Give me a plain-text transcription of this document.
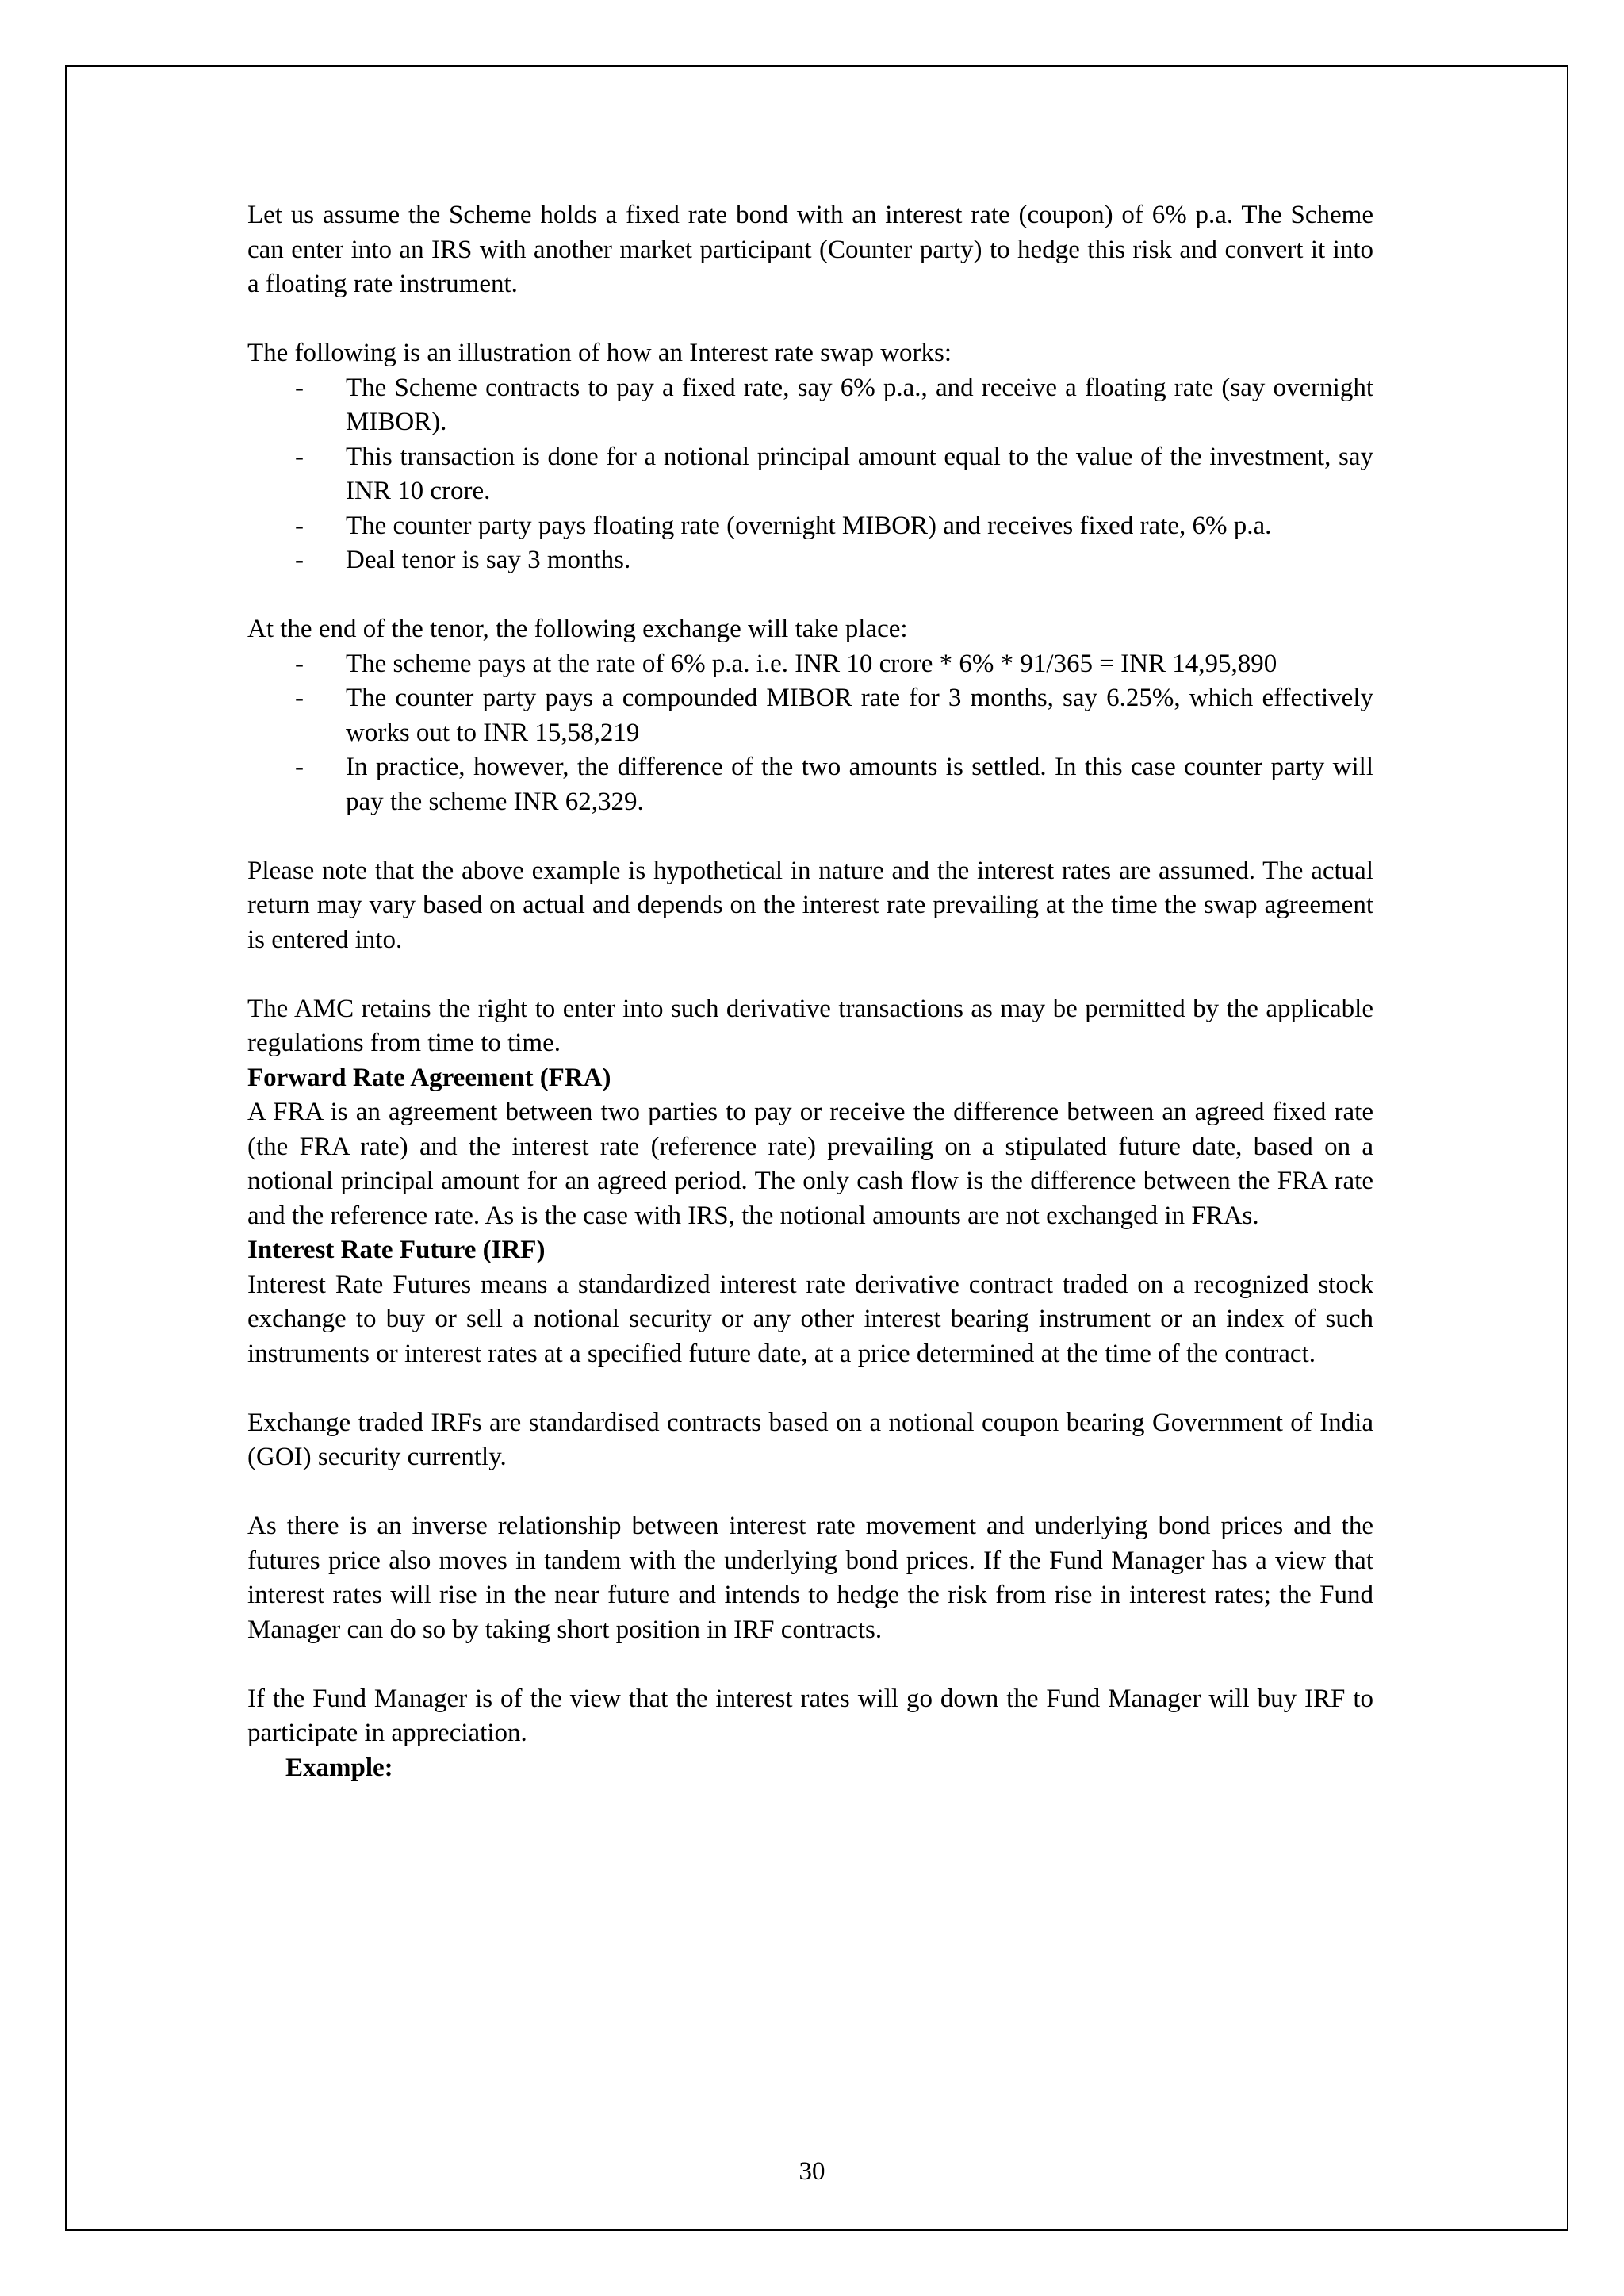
Let us assume the Scheme holds a fixed rate bond with an interest rate (coupon) of 6% p.a. The Scheme can enter into an IRS with another market participant (Counter party) to hedge this risk and convert it into a floating rate instrument.

The following is an illustration of how an Interest rate swap works:

- The Scheme contracts to pay a fixed rate, say 6% p.a., and receive a floating rate (say overnight MIBOR).
- This transaction is done for a notional principal amount equal to the value of the investment, say INR 10 crore.
- The counter party pays floating rate (overnight MIBOR) and receives fixed rate, 6% p.a.
- Deal tenor is say 3 months.

At the end of the tenor, the following exchange will take place:

- The scheme pays at the rate of 6% p.a. i.e. INR 10 crore * 6% * 91/365 = INR 14,95,890
- The counter party pays a compounded MIBOR rate for 3 months, say 6.25%, which effectively works out to INR 15,58,219
- In practice, however, the difference of the two amounts is settled. In this case counter party will pay the scheme INR 62,329.

Please note that the above example is hypothetical in nature and the interest rates are assumed. The actual return may vary based on actual and depends on the interest rate prevailing at the time the swap agreement is entered into.

The AMC retains the right to enter into such derivative transactions as may be permitted by the applicable regulations from time to time.

Forward Rate Agreement (FRA)

A FRA is an agreement between two parties to pay or receive the difference between an agreed fixed rate (the FRA rate) and the interest rate (reference rate) prevailing on a stipulated future date, based on a notional principal amount for an agreed period. The only cash flow is the difference between the FRA rate and the reference rate. As is the case with IRS, the notional amounts are not exchanged in FRAs.

Interest Rate Future (IRF)

Interest Rate Futures means a standardized interest rate derivative contract traded on a recognized stock exchange to buy or sell a notional security or any other interest bearing instrument or an index of such instruments or interest rates at a specified future date, at a price determined at the time of the contract.

Exchange traded IRFs are standardised contracts based on a notional coupon bearing Government of India (GOI) security currently.

As there is an inverse relationship between interest rate movement and underlying bond prices and the futures price also moves in tandem with the underlying bond prices. If the Fund Manager has a view that interest rates will rise in the near future and intends to hedge the risk from rise in interest rates; the Fund Manager can do so by taking short position in IRF contracts.

If the Fund Manager is of the view that the interest rates will go down the Fund Manager will buy IRF to participate in appreciation.

Example:

30
